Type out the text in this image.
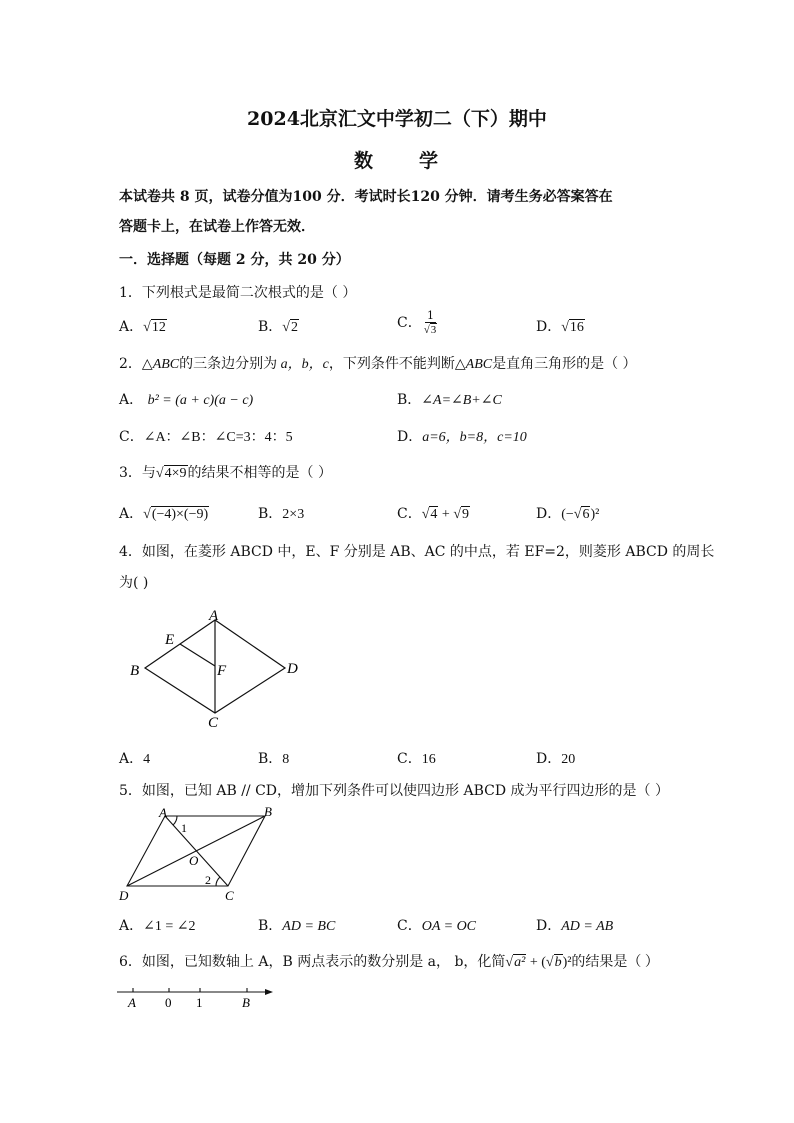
2024北京汇文中学初二（下）期中
数 学
本试卷共 8 页，试卷分值为100 分．考试时长120 分钟．请考生务必答案答在
答题卡上，在试卷上作答无效．
一．选择题（每题 2 分，共 20 分）
1．下列根式是最简二次根式的是（ ）
A．√12	B．√2	C． $\frac{1}{√3}$	D．√16
2．△ABC的三条边分别为 a，b，c，下列条件不能判断△ABC是直角三角形的是（ ）
A． b² = (a + c)(a − c)	B．∠A=∠B+∠C
C．∠A：∠B：∠C=3：4：5	D．a=6，b=8，c=10
3．与√4×9的结果不相等的是（ ）
A．√(−4)×(−9)	B．2×3	C．√4 + √9	D．(−√6)²
4．如图，在菱形 ABCD 中，E、F 分别是 AB、AC 的中点，若 EF=2，则菱形 ABCD 的周长
为( )
A
B
C
D
E
F
A．4	B．8	C．16	D．20
5．如图，已知 AB // CD，增加下列条件可以使四边形 ABCD 成为平行四边形的是（ ）
A	B
C
D
O
1
2
A．∠1 = ∠2	B．AD = BC	C．OA = OC	D．AD = AB
6．如图，已知数轴上 A，B 两点表示的数分别是 a， b，化简√a² + (√b)²的结果是（ ）
A 0 1	B
